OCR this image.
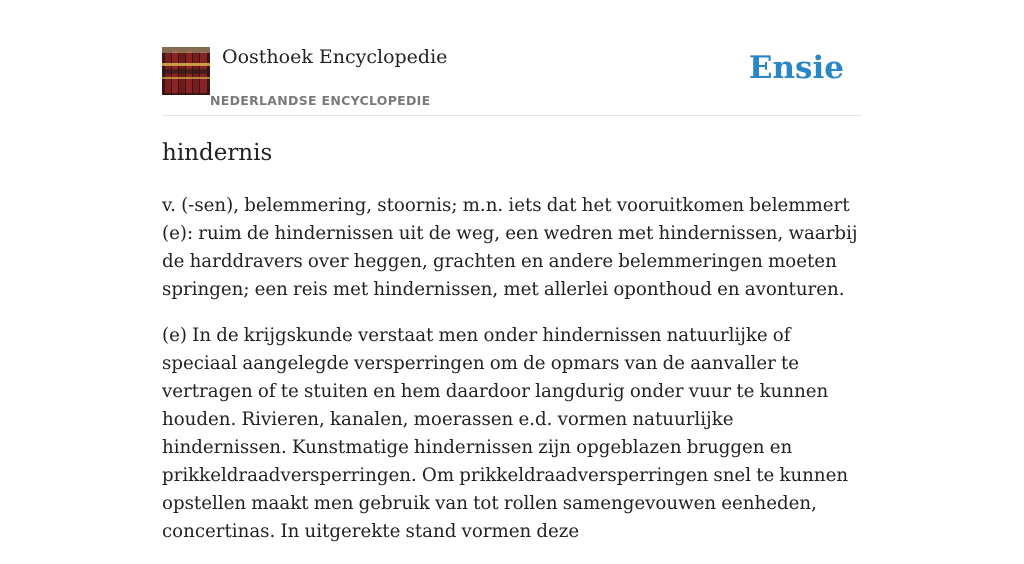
Oosthoek Encyclopedie
NEDERLANDSE ENCYCLOPEDIE
Ensie
hindernis

v. (-sen), belemmering, stoornis; m.n. iets dat het vooruitkomen belemmert (e): ruim de hindernissen uit de weg, een wedren met hindernissen, waarbij de harddravers over heggen, grachten en andere belemmeringen moeten springen; een reis met hindernissen, met allerlei oponthoud en avonturen.

(e) In de krijgskunde verstaat men onder hindernissen natuurlijke of speciaal aangelegde versperringen om de opmars van de aanvaller te vertragen of te stuiten en hem daardoor langdurig onder vuur te kunnen houden. Rivieren, kanalen, moerassen e.d. vormen natuurlijke hindernissen. Kunstmatige hindernissen zijn opgeblazen bruggen en prikkeldraadversperringen. Om prikkeldraadversperringen snel te kunnen opstellen maakt men gebruik van tot rollen samengevouwen eenheden, concertinas. In uitgerekte stand vormen deze
